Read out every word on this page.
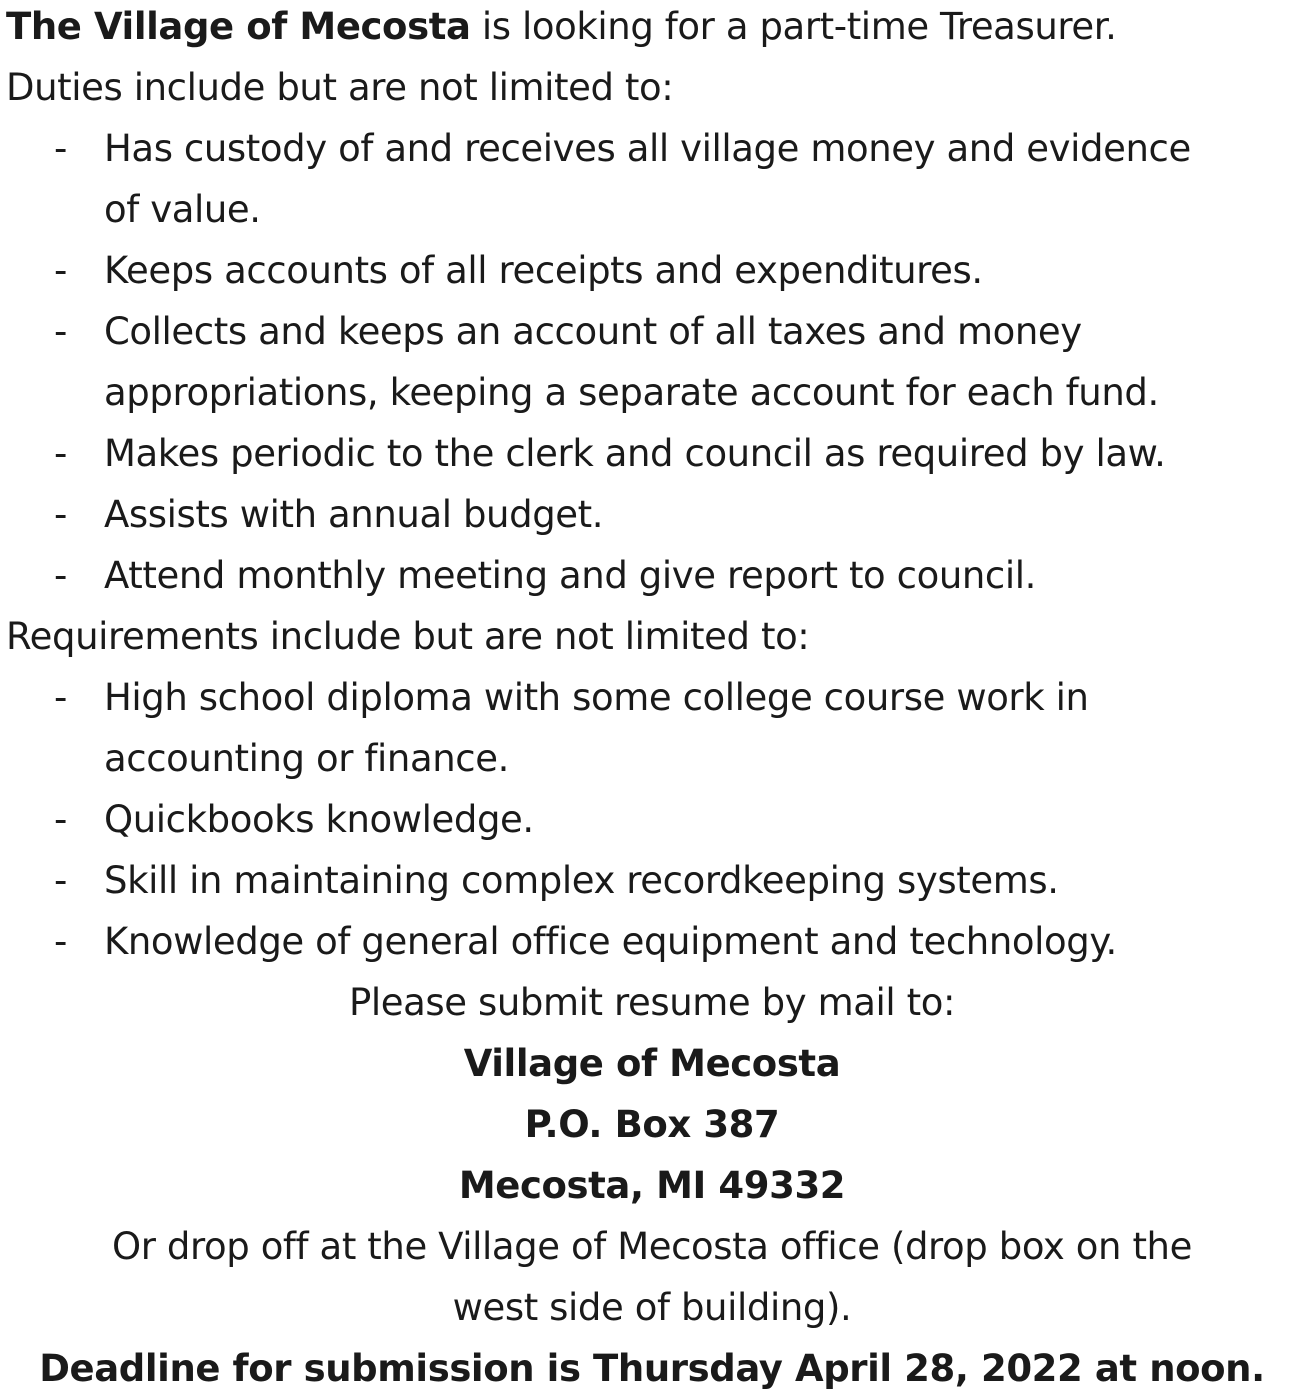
The Village of Mecosta is looking for a part-time Treasurer.
Duties include but are not limited to:
- Has custody of and receives all village money and evidence
of value.
- Keeps accounts of all receipts and expenditures.
- Collects and keeps an account of all taxes and money
appropriations, keeping a separate account for each fund.
- Makes periodic to the clerk and council as required by law.
- Assists with annual budget.
- Attend monthly meeting and give report to council.
Requirements include but are not limited to:
- High school diploma with some college course work in
accounting or finance.
- Quickbooks knowledge.
- Skill in maintaining complex recordkeeping systems.
- Knowledge of general office equipment and technology.
Please submit resume by mail to:
Village of Mecosta
P.O. Box 387
Mecosta, MI 49332
Or drop off at the Village of Mecosta office (drop box on the
west side of building).
Deadline for submission is Thursday April 28, 2022 at noon.
